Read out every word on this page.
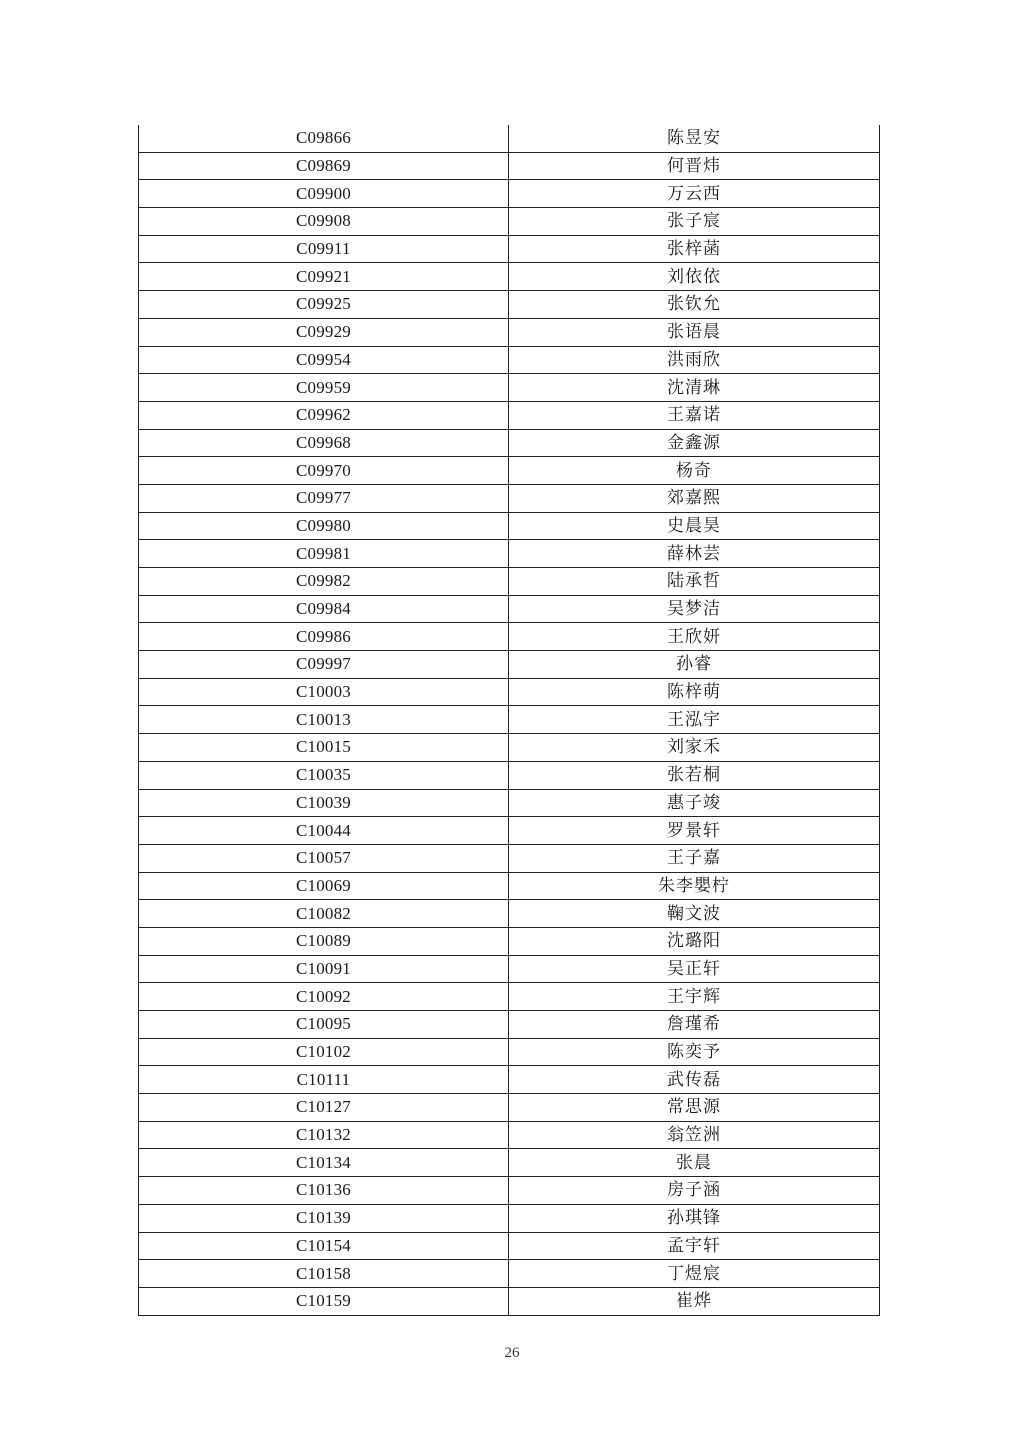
C09866	陈昱安
C09869	何晋炜
C09900	万云西
C09908	张子宸
C09911	张梓菡
C09921	刘依依
C09925	张钦允
C09929	张语晨
C09954	洪雨欣
C09959	沈清琳
C09962	王嘉诺
C09968	金鑫源
C09970	杨奇
C09977	郊嘉熙
C09980	史晨昊
C09981	薛林芸
C09982	陆承哲
C09984	吴梦洁
C09986	王欣妍
C09997	孙睿
C10003	陈梓萌
C10013	王泓宇
C10015	刘家禾
C10035	张若桐
C10039	惠子竣
C10044	罗景轩
C10057	王子嘉
C10069	朱李嬰柠
C10082	鞠文波
C10089	沈璐阳
C10091	吴正轩
C10092	王宇辉
C10095	詹瑾希
C10102	陈奕予
C10111	武传磊
C10127	常思源
C10132	翁笠洲
C10134	张晨
C10136	房子涵
C10139	孙琪锋
C10154	孟宇轩
C10158	丁煜宸
C10159	崔烨
26
